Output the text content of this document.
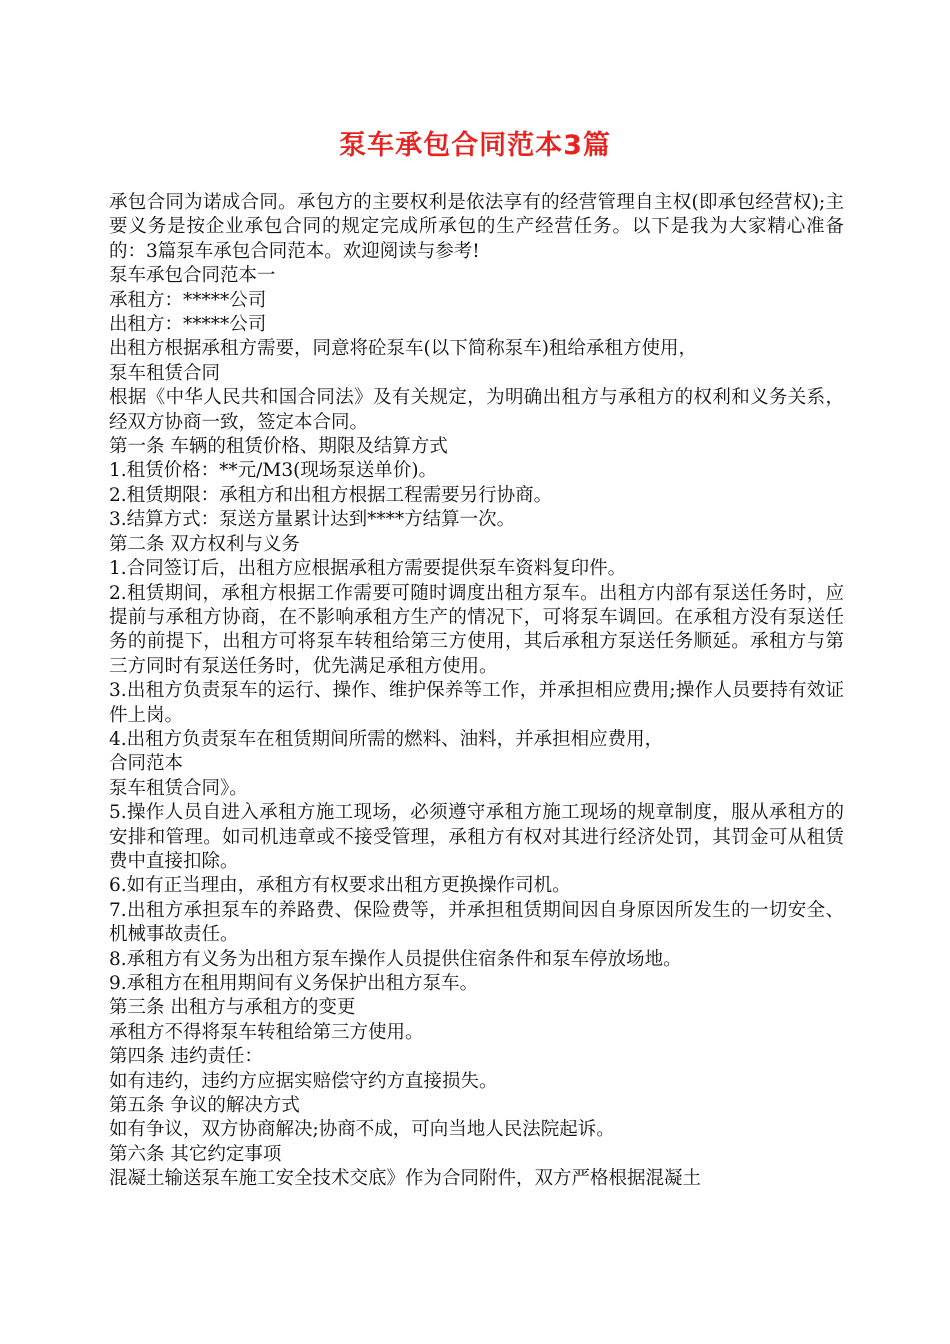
泵车承包合同范本3篇

承包合同为诺成合同。承包方的主要权利是依法享有的经营管理自主权(即承包经营权);主要义务是按企业承包合同的规定完成所承包的生产经营任务。以下是我为大家精心准备的：3篇泵车承包合同范本。欢迎阅读与参考!

泵车承包合同范本一

承租方：*****公司

出租方：*****公司

出租方根据承租方需要，同意将砼泵车(以下简称泵车)租给承租方使用，

泵车租赁合同

根据《中华人民共和国合同法》及有关规定，为明确出租方与承租方的权利和义务关系，经双方协商一致，签定本合同。

第一条 车辆的租赁价格、期限及结算方式

1.租赁价格：**元/M3(现场泵送单价)。

2.租赁期限：承租方和出租方根据工程需要另行协商。

3.结算方式：泵送方量累计达到****方结算一次。

第二条 双方权利与义务

1.合同签订后，出租方应根据承租方需要提供泵车资料复印件。

2.租赁期间，承租方根据工作需要可随时调度出租方泵车。出租方内部有泵送任务时，应提前与承租方协商，在不影响承租方生产的情况下，可将泵车调回。在承租方没有泵送任务的前提下，出租方可将泵车转租给第三方使用，其后承租方泵送任务顺延。承租方与第三方同时有泵送任务时，优先满足承租方使用。

3.出租方负责泵车的运行、操作、维护保养等工作，并承担相应费用;操作人员要持有效证件上岗。

4.出租方负责泵车在租赁期间所需的燃料、油料，并承担相应费用，

合同范本

泵车租赁合同》。

5.操作人员自进入承租方施工现场，必须遵守承租方施工现场的规章制度，服从承租方的安排和管理。如司机违章或不接受管理，承租方有权对其进行经济处罚，其罚金可从租赁费中直接扣除。

6.如有正当理由，承租方有权要求出租方更换操作司机。

7.出租方承担泵车的养路费、保险费等，并承担租赁期间因自身原因所发生的一切安全、机械事故责任。

8.承租方有义务为出租方泵车操作人员提供住宿条件和泵车停放场地。

9.承租方在租用期间有义务保护出租方泵车。

第三条 出租方与承租方的变更

承租方不得将泵车转租给第三方使用。

第四条 违约责任：

如有违约，违约方应据实赔偿守约方直接损失。

第五条 争议的解决方式

如有争议，双方协商解决;协商不成，可向当地人民法院起诉。

第六条 其它约定事项

混凝土输送泵车施工安全技术交底》作为合同附件，双方严格根据混凝土
